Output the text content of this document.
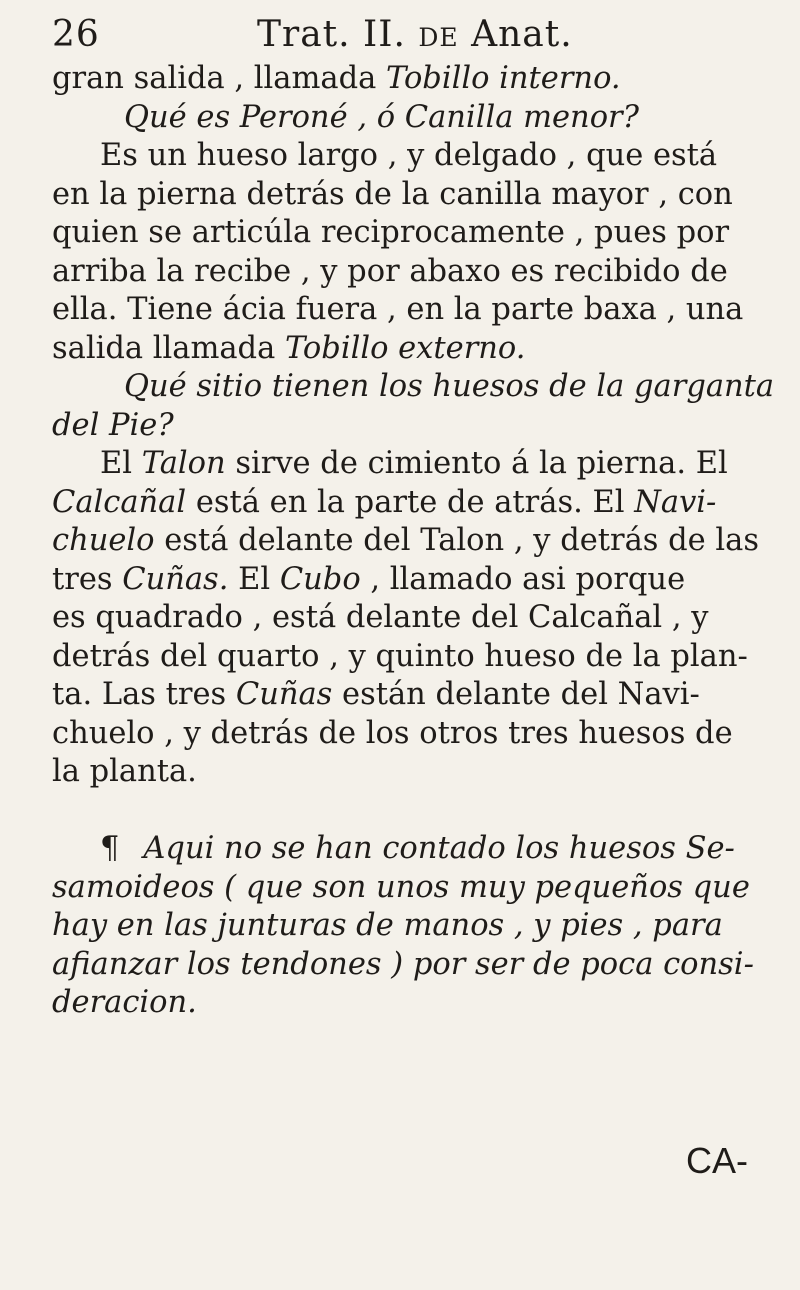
26	Trat. II. de Anat.
gran salida , llamada Tobillo interno.
Qué es Peroné , ó Canilla menor?
Es un hueso largo , y delgado , que está
en la pierna detrás de la canilla mayor , con
quien se articúla reciprocamente , pues por
arriba la recibe , y por abaxo es recibido de
ella. Tiene ácia fuera , en la parte baxa , una
salida llamada Tobillo externo.
Qué sitio tienen los huesos de la garganta
del Pie?
El Talon sirve de cimiento á la pierna. El
Calcañal está en la parte de atrás. El Navi-
chuelo está delante del Talon , y detrás de las
tres Cuñas. El Cubo , llamado asi porque
es quadrado , está delante del Calcañal , y
detrás del quarto , y quinto hueso de la plan-
ta. Las tres Cuñas están delante del Navi-
chuelo , y detrás de los otros tres huesos de
la planta.
¶ Aqui no se han contado los huesos Se-
samoideos ( que son unos muy pequeños que
hay en las junturas de manos , y pies , para
afianzar los tendones ) por ser de poca consi-
deracion.
CA-
